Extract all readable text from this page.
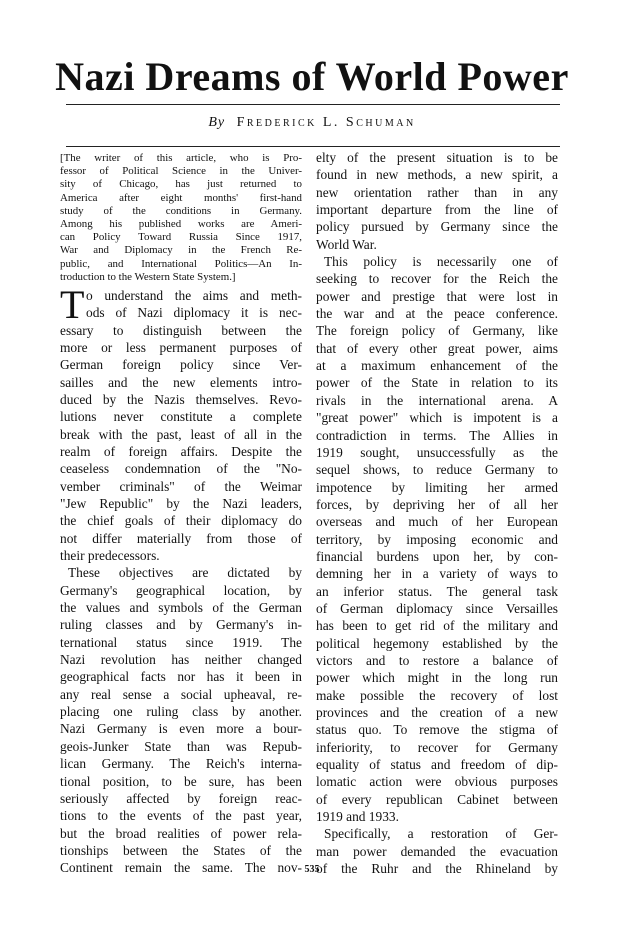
Nazi Dreams of World Power
By Frederick L. Schuman
[The writer of this article, who is Pro-
fessor of Political Science in the Univer-
sity of Chicago, has just returned to
America after eight months' first-hand
study of the conditions in Germany.
Among his published works are Ameri-
can Policy Toward Russia Since 1917,
War and Diplomacy in the French Re-
public, and International Politics—An In-
troduction to the Western State System.]
T o understand the aims and meth-
ods of Nazi diplomacy it is nec-
essary to distinguish between the
more or less permanent purposes of
German foreign policy since Ver-
sailles and the new elements intro-
duced by the Nazis themselves. Revo-
lutions never constitute a complete
break with the past, least of all in the
realm of foreign affairs. Despite the
ceaseless condemnation of the "No-
vember criminals" of the Weimar
"Jew Republic" by the Nazi leaders,
the chief goals of their diplomacy do
not differ materially from those of
their predecessors.
These objectives are dictated by
Germany's geographical location, by
the values and symbols of the German
ruling classes and by Germany's in-
ternational status since 1919. The
Nazi revolution has neither changed
geographical facts nor has it been in
any real sense a social upheaval, re-
placing one ruling class by another.
Nazi Germany is even more a bour-
geois-Junker State than was Repub-
lican Germany. The Reich's interna-
tional position, to be sure, has been
seriously affected by foreign reac-
tions to the events of the past year,
but the broad realities of power rela-
tionships between the States of the
Continent remain the same. The nov-
elty of the present situation is to be
found in new methods, a new spirit, a
new orientation rather than in any
important departure from the line of
policy pursued by Germany since the
World War.
This policy is necessarily one of
seeking to recover for the Reich the
power and prestige that were lost in
the war and at the peace conference.
The foreign policy of Germany, like
that of every other great power, aims
at a maximum enhancement of the
power of the State in relation to its
rivals in the international arena. A
"great power" which is impotent is a
contradiction in terms. The Allies in
1919 sought, unsuccessfully as the
sequel shows, to reduce Germany to
impotence by limiting her armed
forces, by depriving her of all her
overseas and much of her European
territory, by imposing economic and
financial burdens upon her, by con-
demning her in a variety of ways to
an inferior status. The general task
of German diplomacy since Versailles
has been to get rid of the military and
political hegemony established by the
victors and to restore a balance of
power which might in the long run
make possible the recovery of lost
provinces and the creation of a new
status quo. To remove the stigma of
inferiority, to recover for Germany
equality of status and freedom of dip-
lomatic action were obvious purposes
of every republican Cabinet between
1919 and 1933.
Specifically, a restoration of Ger-
man power demanded the evacuation
of the Ruhr and the Rhineland by
535
